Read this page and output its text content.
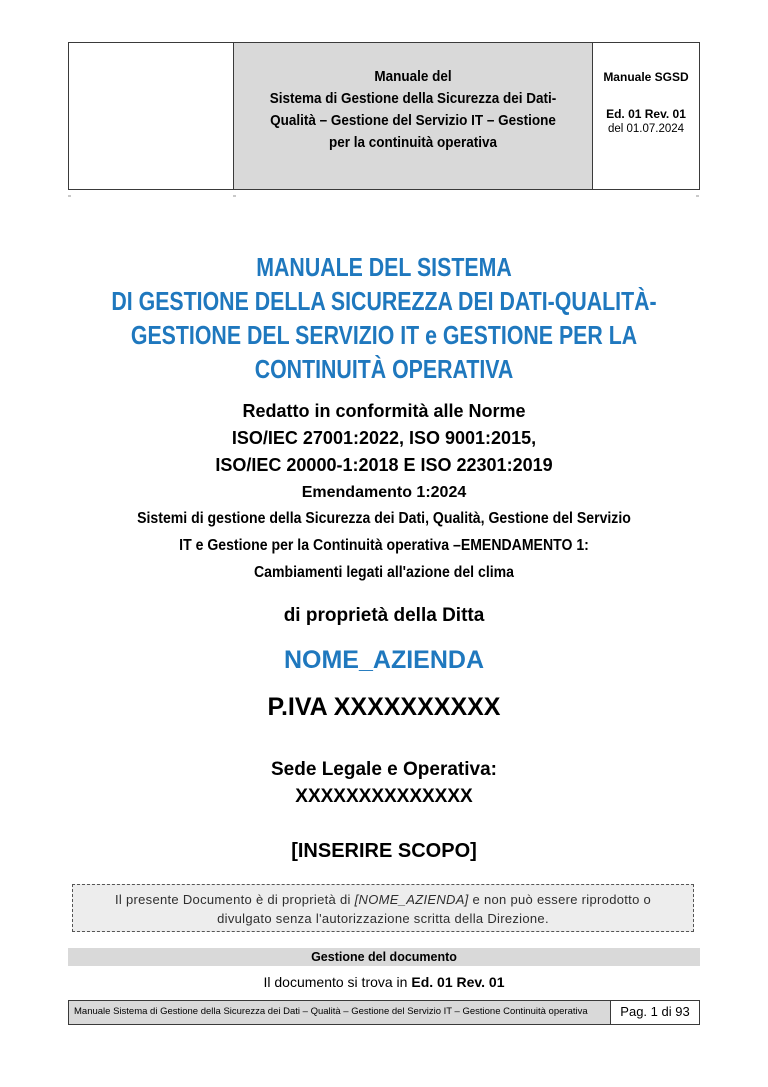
Manuale del
Sistema di Gestione della Sicurezza dei Dati-
Qualità – Gestione del Servizio IT – Gestione
per la continuità operativa
Manuale SGSD
Ed. 01 Rev. 01
del 01.07.2024
MANUALE DEL SISTEMA
DI GESTIONE DELLA SICUREZZA DEI DATI-QUALITÀ-
GESTIONE DEL SERVIZIO IT e GESTIONE PER LA
CONTINUITÀ OPERATIVA
Redatto in conformità alle Norme
ISO/IEC 27001:2022, ISO 9001:2015,
ISO/IEC 20000-1:2018 E ISO 22301:2019
Emendamento 1:2024
Sistemi di gestione della Sicurezza dei Dati, Qualità, Gestione del Servizio
IT e Gestione per la Continuità operativa –EMENDAMENTO 1:
Cambiamenti legati all'azione del clima
di proprietà della Ditta
NOME_AZIENDA
P.IVA XXXXXXXXXX
Sede Legale e Operativa:
XXXXXXXXXXXXXX
[INSERIRE SCOPO]
Il presente Documento è di proprietà di [NOME_AZIENDA] e non può essere riprodotto o
divulgato senza l'autorizzazione scritta della Direzione.
Gestione del documento
Il documento si trova in Ed. 01 Rev. 01
Manuale Sistema di Gestione della Sicurezza dei Dati – Qualità – Gestione del Servizio IT – Gestione Continuità operativa	Pag. 1 di 93
